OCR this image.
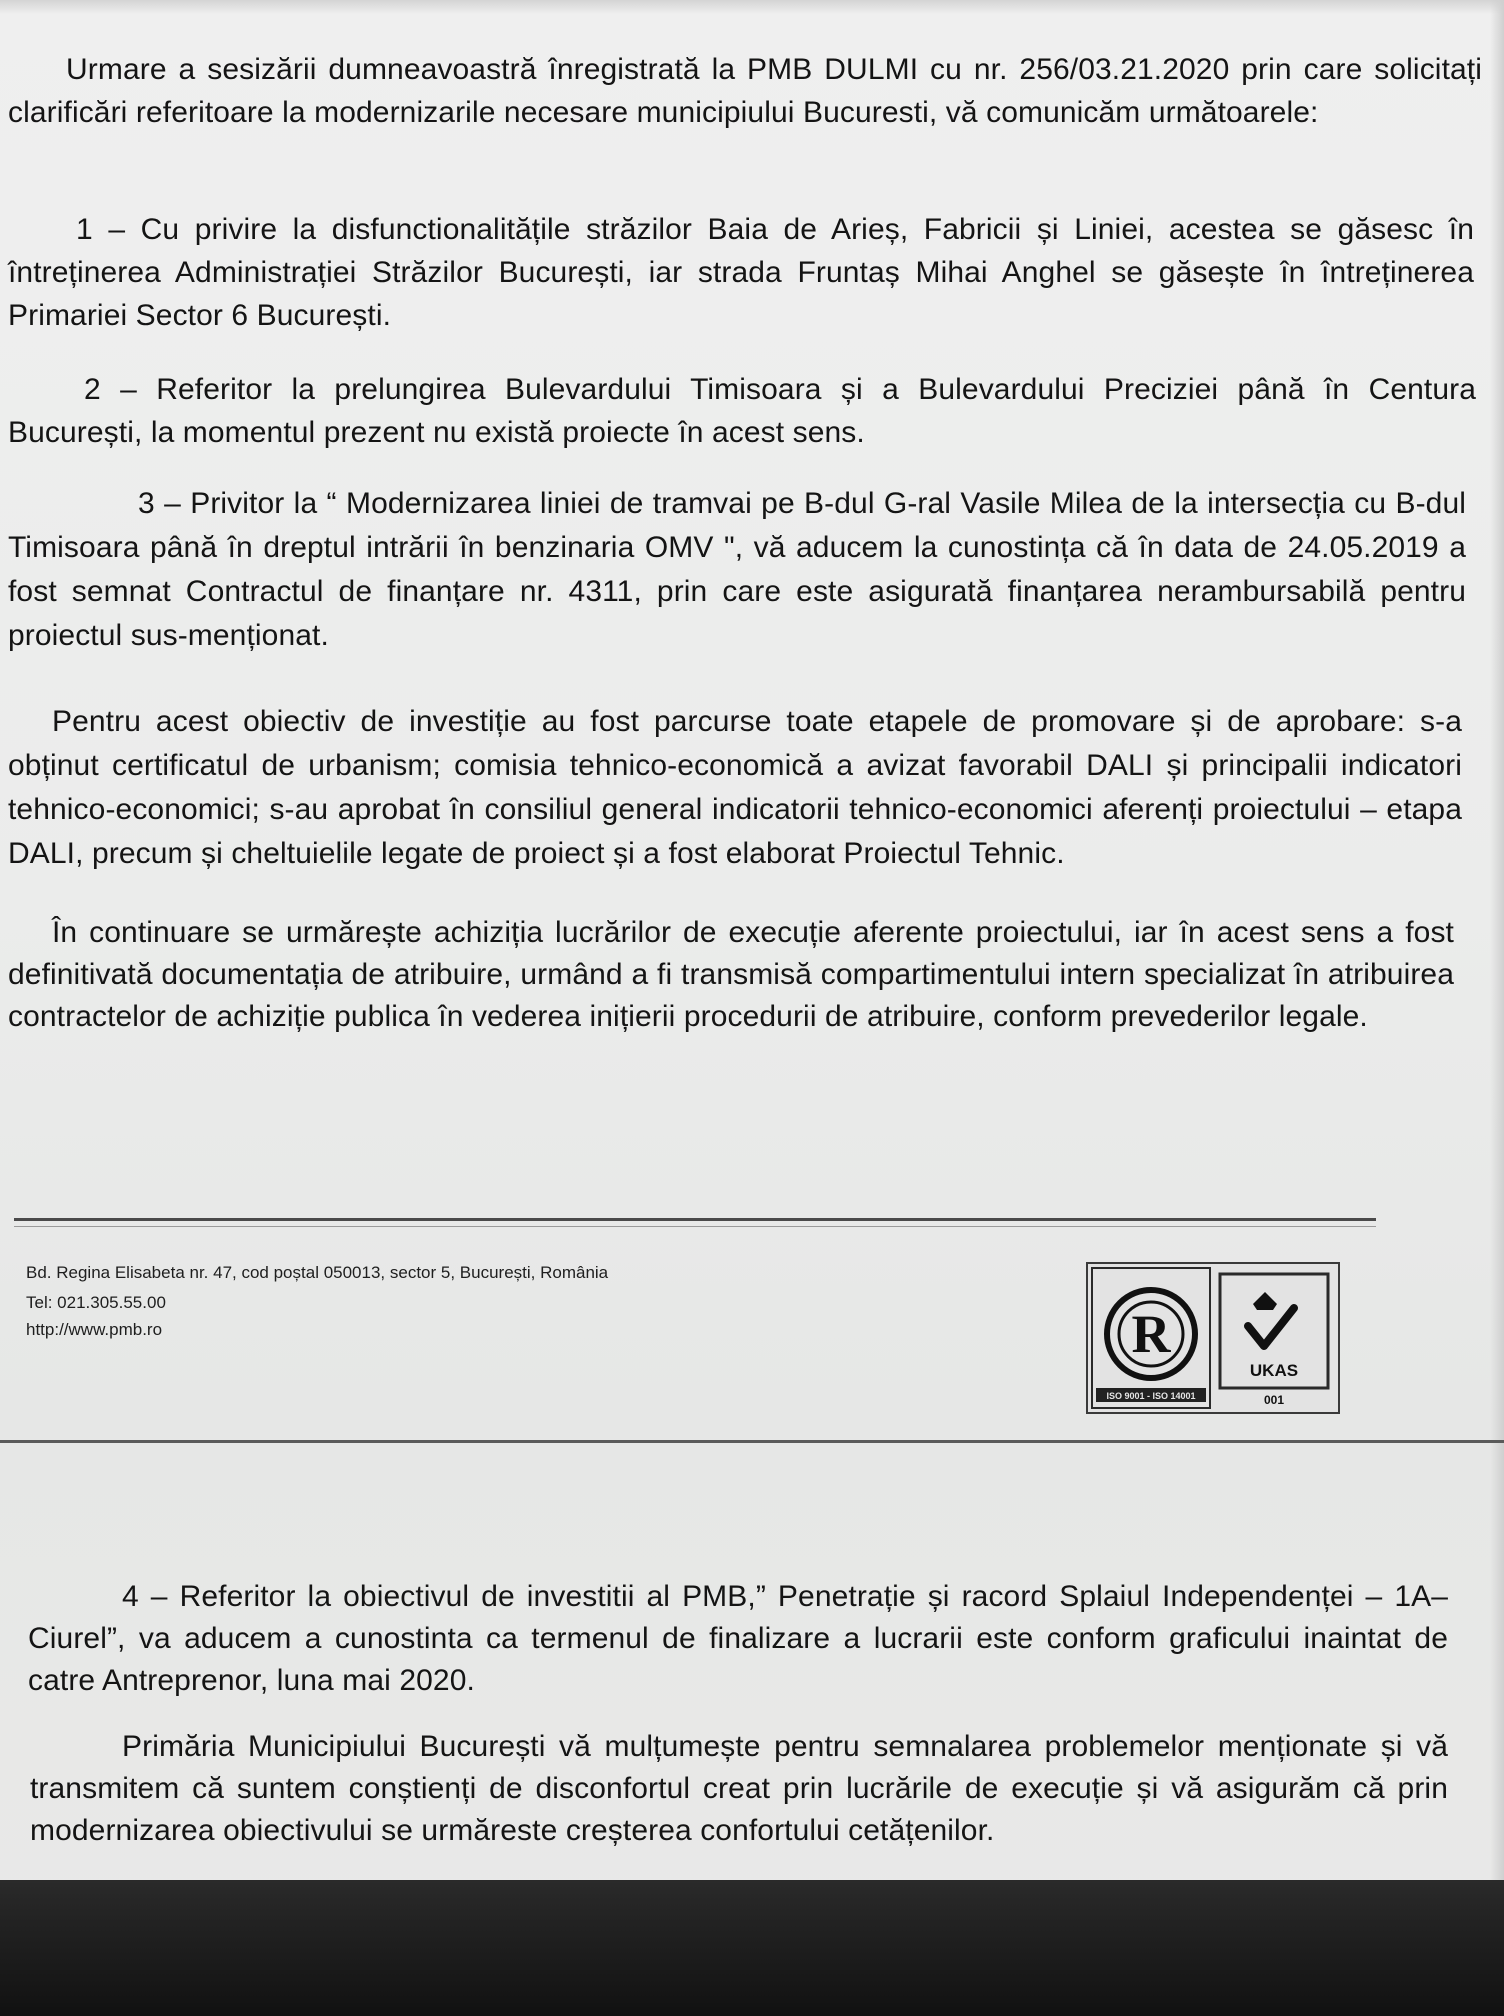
Urmare a sesizării dumneavoastră înregistrată la PMB DULMI cu nr. 256/03.21.2020 prin care solicitați clarificări referitoare la modernizarile necesare municipiului Bucuresti, vă comunicăm următoarele:

1 – Cu privire la disfunctionalitățile străzilor Baia de Arieș, Fabricii și Liniei, acestea se găsesc în întreținerea Administrației Străzilor București, iar strada Fruntaș Mihai Anghel se găsește în întreținerea Primariei Sector 6 București.

2 – Referitor la prelungirea Bulevardului Timisoara și a Bulevardului Preciziei până în Centura București, la momentul prezent nu există proiecte în acest sens.

3 – Privitor la “ Modernizarea liniei de tramvai pe B-dul G-ral Vasile Milea de la intersecția cu B-dul Timisoara până în dreptul intrării în benzinaria OMV ", vă aducem la cunostința că în data de 24.05.2019 a fost semnat Contractul de finanțare nr. 4311, prin care este asigurată finanțarea nerambursabilă pentru proiectul sus-menționat.

Pentru acest obiectiv de investiție au fost parcurse toate etapele de promovare și de aprobare: s-a obținut certificatul de urbanism; comisia tehnico-economică a avizat favorabil DALI și principalii indicatori tehnico-economici; s-au aprobat în consiliul general indicatorii tehnico-economici aferenți proiectului – etapa DALI, precum și cheltuielile legate de proiect și a fost elaborat Proiectul Tehnic.

În continuare se urmărește achiziția lucrărilor de execuție aferente proiectului, iar în acest sens a fost definitivată documentația de atribuire, urmând a fi transmisă compartimentului intern specializat în atribuirea contractelor de achiziție publica în vederea inițierii procedurii de atribuire, conform prevederilor legale.

Bd. Regina Elisabeta nr. 47, cod poștal 050013, sector 5, București, România
Tel: 021.305.55.00
http://www.pmb.ro	R
ISO 9001 - ISO 14001
UKAS
001

4 – Referitor la obiectivul de investitii al PMB,” Penetrație și racord Splaiul Independenței – 1A– Ciurel”, va aducem a cunostinta ca termenul de finalizare a lucrarii este conform graficului inaintat de catre Antreprenor, luna mai 2020.

Primăria Municipiului București vă mulțumește pentru semnalarea problemelor menționate și vă transmitem că suntem conștienți de disconfortul creat prin lucrările de execuție și vă asigurăm că prin modernizarea obiectivului se urmăreste creșterea confortului cetățenilor.
